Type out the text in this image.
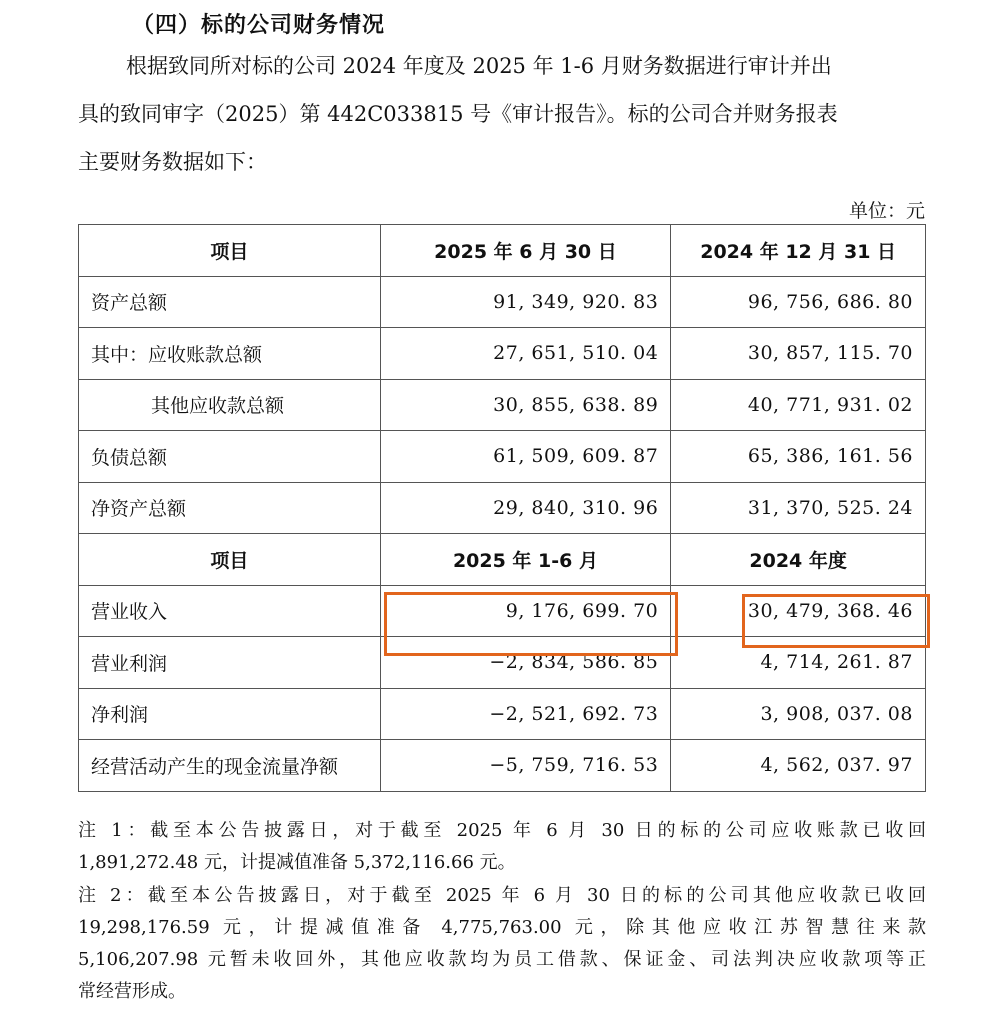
（四）标的公司财务情况
根据致同所对标的公司 2024 年度及 2025 年 1-6 月财务数据进行审计并出
具的致同审字（2025）第 442C033815 号《审计报告》。标的公司合并财务报表
主要财务数据如下：
单位：元
项目	2025 年 6 月 30 日	2024 年 12 月 31 日
资产总额	91, 349, 920. 83	96, 756, 686. 80
其中：应收账款总额	27, 651, 510. 04	30, 857, 115. 70
其他应收款总额	30, 855, 638. 89	40, 771, 931. 02
负债总额	61, 509, 609. 87	65, 386, 161. 56
净资产总额	29, 840, 310. 96	31, 370, 525. 24
项目	2025 年 1-6 月	2024 年度
营业收入	9, 176, 699. 70	30, 479, 368. 46
营业利润	−2, 834, 586. 85	4, 714, 261. 87
净利润	−2, 521, 692. 73	3, 908, 037. 08
经营活动产生的现金流量净额	−5, 759, 716. 53	4, 562, 037. 97
注 1：截至本公告披露日，对于截至 2025 年 6 月 30 日的标的公司应收账款已收回
1,891,272.48 元，计提减值准备 5,372,116.66 元。
注 2：截至本公告披露日，对于截至 2025 年 6 月 30 日的标的公司其他应收款已收回
19,298,176.59 元，计提减值准备 4,775,763.00 元，除其他应收江苏智慧往来款
5,106,207.98 元暂未收回外，其他应收款均为员工借款、保证金、司法判决应收款项等正
常经营形成。
